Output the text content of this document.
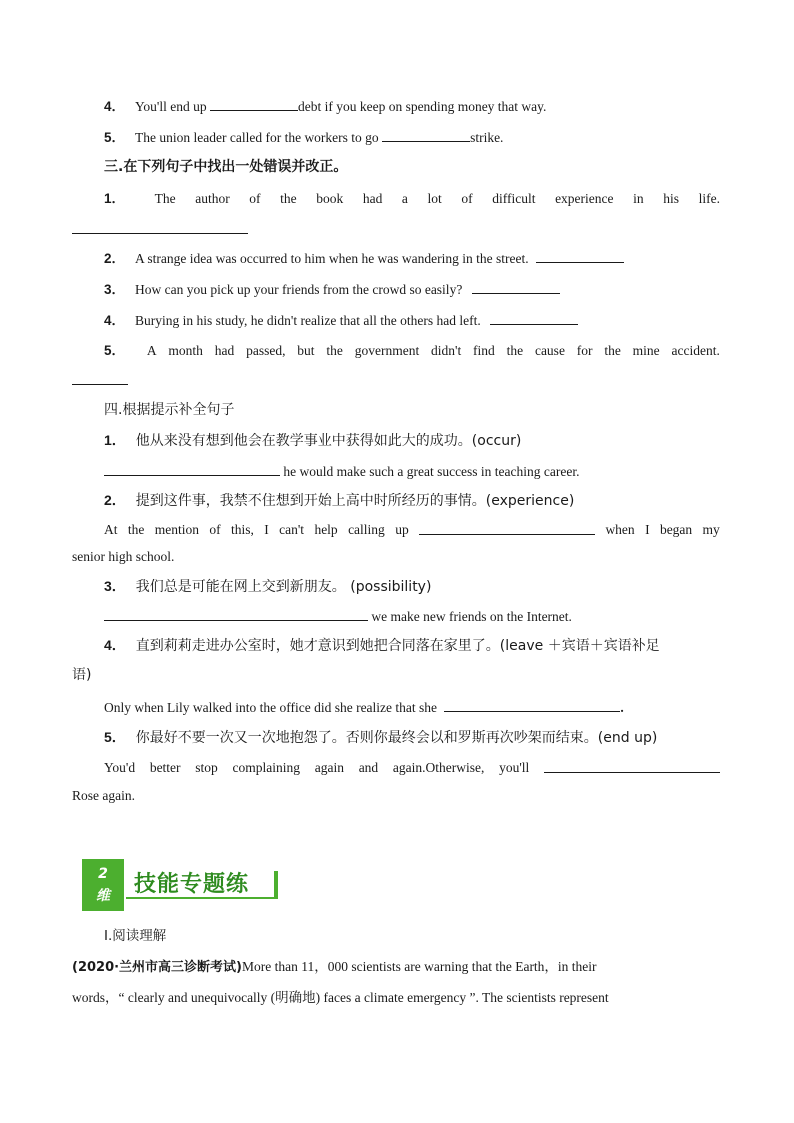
4． You'll end up	debt if you keep on spending money that way.
5． The union leader called for the workers to go	strike.
三.在下列句子中找出一处错误并改正。
1． The author of the book had a lot of difficult experience in his life.
2． A strange idea was occurred to him when he was wandering in the street.
3． How can you pick up your friends from the crowd so easily?
4． Burying in his study, he didn't realize that all the others had left.
5． A month had passed, but the government didn't find the cause for the mine accident.
四.根据提示补全句子
1． 他从来没有想到他会在教学事业中获得如此大的成功。(occur)
he would make such a great success in teaching career.
2． 提到这件事，我禁不住想到开始上高中时所经历的事情。(experience)
At the mention of this, I can't help calling up	when I began my
senior high school.
3． 我们总是可能在网上交到新朋友。 (possibility)
we make new friends on the Internet.
4． 直到莉莉走进办公室时，她才意识到她把合同落在家里了。(leave ＋宾语＋宾语补足
语)
Only when Lily walked into the office did she realize that she	.
5． 你最好不要一次又一次地抱怨了。否则你最终会以和罗斯再次吵架而结束。(end up)
You'd better stop complaining again and again.Otherwise, you'll
Rose again.
2
维	技能专题练
Ⅰ.阅读理解
(2020·兰州市高三诊断考试)More than 11，000 scientists are warning that the Earth，in their
words，“ clearly and unequivocally (明确地) faces a climate emergency ”. The scientists represent
